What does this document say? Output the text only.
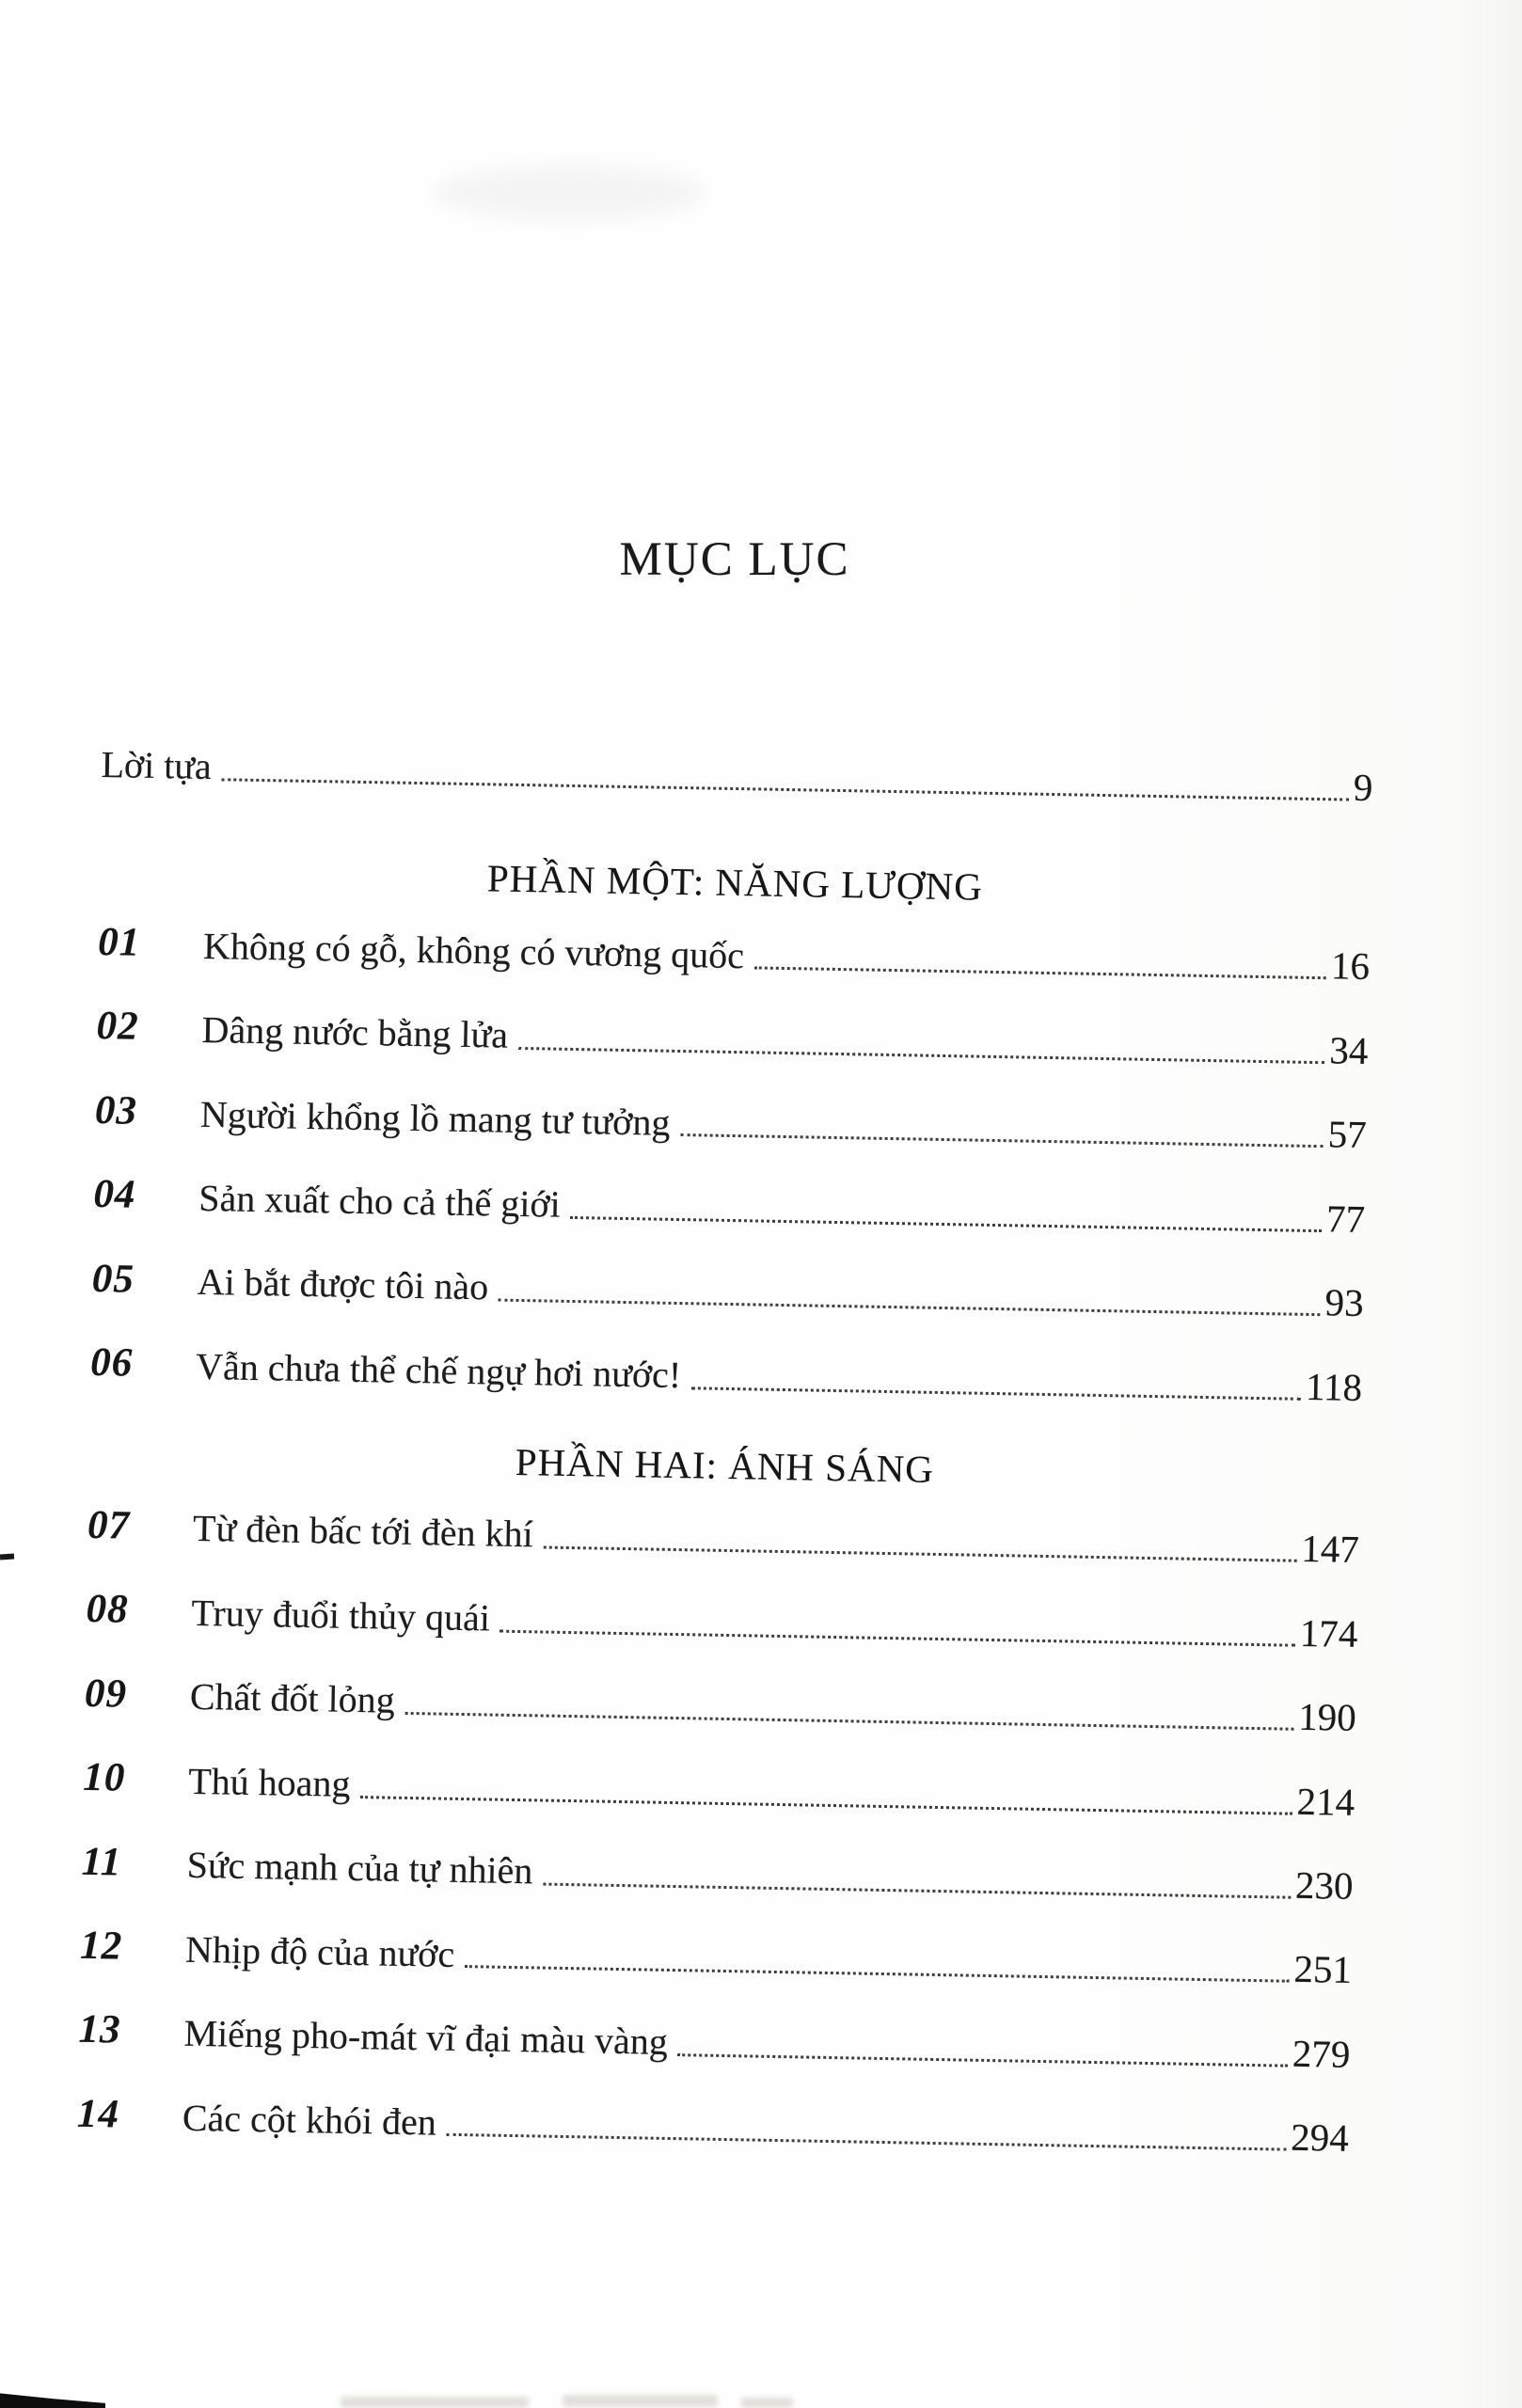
MỤC LỤC
Lời tựa	9
PHẦN MỘT: NĂNG LƯỢNG
01	Không có gỗ, không có vương quốc	16
02	Dâng nước bằng lửa	34
03	Người khổng lồ mang tư tưởng	57
04	Sản xuất cho cả thế giới	77
05	Ai bắt được tôi nào	93
06	Vẫn chưa thể chế ngự hơi nước!	118
PHẦN HAI: ÁNH SÁNG
07	Từ đèn bấc tới đèn khí	147
08	Truy đuổi thủy quái	174
09	Chất đốt lỏng	190
10	Thú hoang	214
11	Sức mạnh của tự nhiên	230
12	Nhịp độ của nước	251
13	Miếng pho-mát vĩ đại màu vàng	279
14	Các cột khói đen	294
